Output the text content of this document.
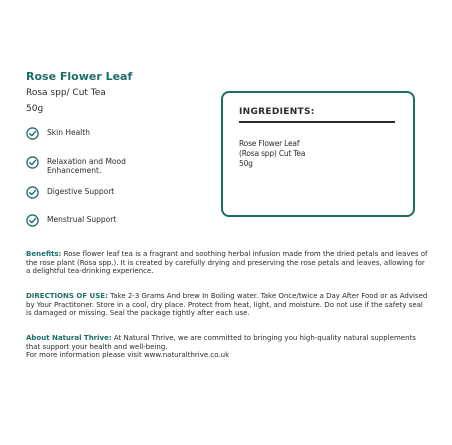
Rose Flower Leaf
Rosa spp/ Cut Tea
50g
Skin Health
Relaxation and Mood Enhancement.
Digestive Support
Menstrual Support
INGREDIENTS:
Rose Flower Leaf
(Rosa spp) Cut Tea
50g
Benefits: Rose flower leaf tea is a fragrant and soothing herbal infusion made from the dried petals and leaves of the rose plant (Rosa spp.). It is created by carefully drying and preserving the rose petals and leaves, allowing for a delightful tea-drinking experience.
DIRECTIONS OF USE: Take 2-3 Grams And brew In Boiling water. Take Once/twice a Day After Food or as Advised by Your Practitoner. Store in a cool, dry place. Protect from heat, light, and moisture. Do not use if the safety seal is damaged or missing. Seal the package tightly after each use.
About Natural Thrive: At Natural Thrive, we are committed to bringing you high-quality natural supplements that support your health and well-being.
For more information please visit www.naturalthrive.co.uk
